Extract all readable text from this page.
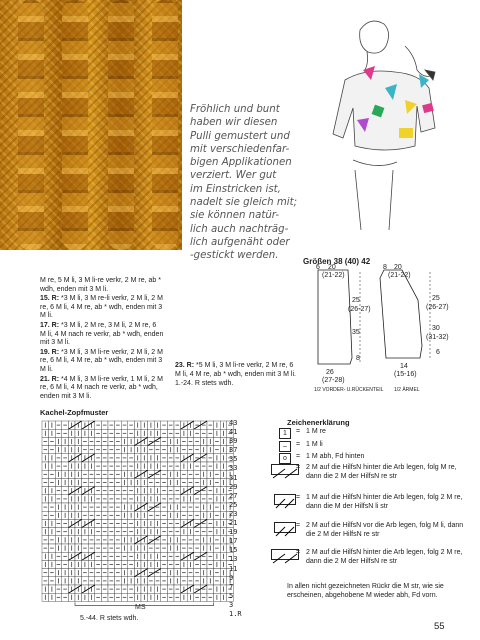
Fröhlich und bunt
haben wir diesen
Pulli gemustert und
mit verschiedenfar-
bigen Applikationen
verziert. Wer gut
im Einstricken ist,
nadelt sie gleich mit;
sie können natür-
lich auch nachträg-
lich aufgenäht oder
-gestickt werden.
Größen 38 (40) 42
6 20
(21-22)
25
(26-27)
35
8
26
(27-28)
1/2 VORDER- U.RÜCKENTEIL
8 20
(21-22)
25
(26-27)
30
(31-32)
6
14
(15-16)
1/2 ÄRMEL
M re, 5 M li, 3 M li-re verkr, 2 M re, ab * wdh, enden mit 3 M li.
15. R: *3 M li, 3 M re-li verkr, 2 M li, 2 M re, 6 M li, 4 M re, ab * wdh, enden mit 3 M li.
17. R: *3 M li, 2 M re, 3 M li, 2 M re, 6 M li, 4 M nach re verkr, ab * wdh, enden mit 3 M li.
19. R: *3 M li, 3 M li-re verkr, 2 M li, 2 M re, 6 M li, 4 M re, ab * wdh, enden mit 3 M li.
21. R: *4 M li, 3 M li-re verkr, 1 M li, 2 M re, 6 M li, 4 M nach re verkr, ab * wdh, enden mit 3 M li.
23. R: *5 M li, 3 M li-re verkr, 2 M re, 6 M li, 4 M re, ab * wdh, enden mit 3 M li.
1.-24. R stets wdh.
Kachel-Zopfmuster
43
41
39
37
35
33
31
29
27
25
23
21
19
17
15
13
11
9
7
5
3
1.R
MS
5.-44. R stets wdh.
Zeichenerklärung
1	= 1 M re
–	= 1 M li
o	= 1 M abh, Fd hinten
= 2 M auf die HilfsN hinter die Arb legen, folg M re, dann die 2 M der HilfsN re str
= 1 M auf die HilfsN hinter die Arb legen, folg 2 M re, dann die M der HilfsN li str
= 2 M auf die HilfsN vor die Arb legen, folg M li, dann die 2 M der HilfsN re str
= 2 M auf die HilfsN hinter die Arb legen, folg 2 M re, dann die 2 M der HilfsN re str
In allen nicht gezeichneten Rückr die M str, wie sie erscheinen, abgehobene M wieder abh, Fd vorn.
55
